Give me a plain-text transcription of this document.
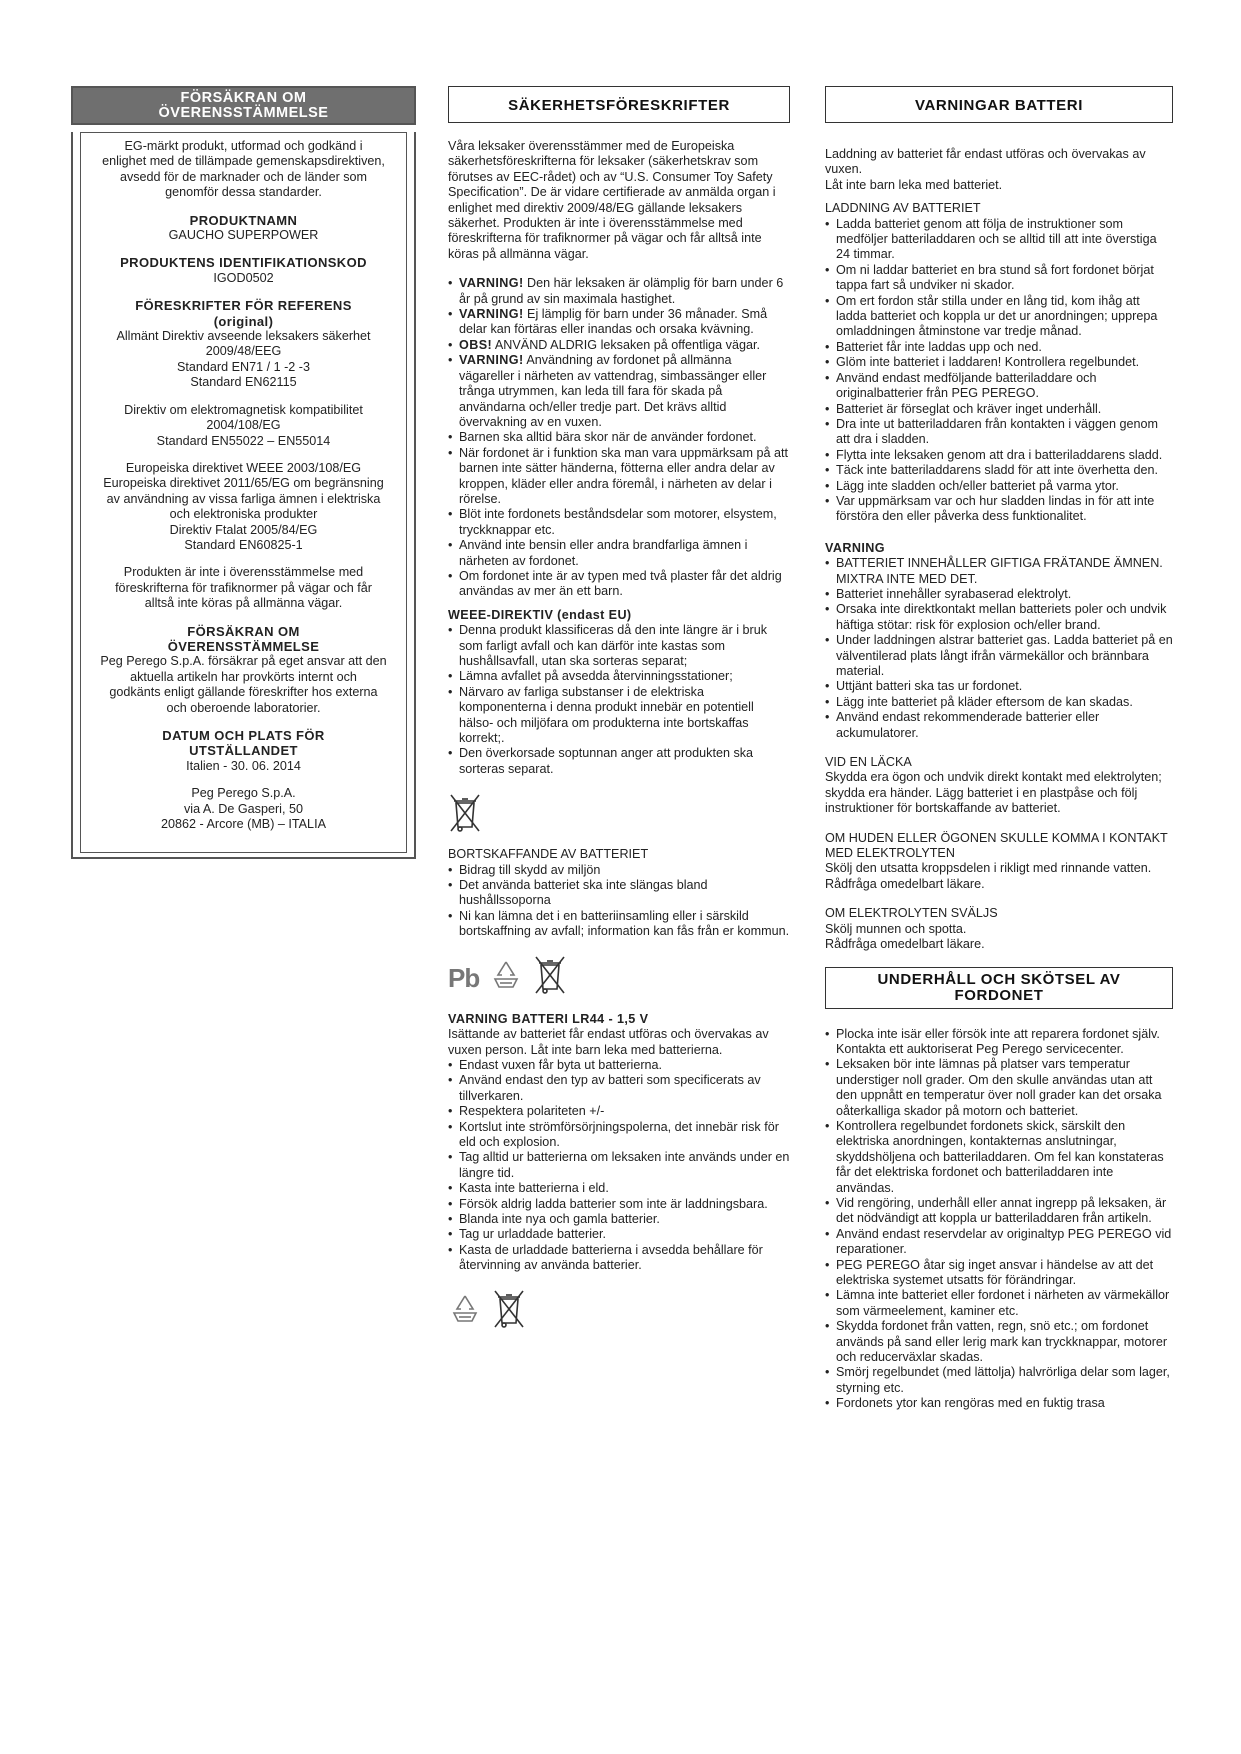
FÖRSÄKRAN OM
ÖVERENSSTÄMMELSE

EG-märkt produkt, utformad och godkänd i
enlighet med de tillämpade gemenskapsdirektiven,
avsedd för de marknader och de länder som
genomför dessa standarder.

PRODUKTNAMN
GAUCHO SUPERPOWER

PRODUKTENS IDENTIFIKATIONSKOD
IGOD0502

FÖRESKRIFTER FÖR REFERENS
(original)
Allmänt Direktiv avseende leksakers säkerhet
2009/48/EEG
Standard EN71 / 1 -2 -3
Standard EN62115

Direktiv om elektromagnetisk kompatibilitet
2004/108/EG
Standard EN55022 – EN55014

Europeiska direktivet WEEE 2003/108/EG
Europeiska direktivet 2011/65/EG om begränsning
av användning av vissa farliga ämnen i elektriska
och elektroniska produkter
Direktiv Ftalat 2005/84/EG
Standard EN60825-1

Produkten är inte i överensstämmelse med
föreskrifterna för trafiknormer på vägar och får
alltså inte köras på allmänna vägar.

FÖRSÄKRAN OM
ÖVERENSSTÄMMELSE
Peg Perego S.p.A. försäkrar på eget ansvar att den
aktuella artikeln har provkörts internt och
godkänts enligt gällande föreskrifter hos externa
och oberoende laboratorier.

DATUM OCH PLATS FÖR
UTSTÄLLANDET
Italien - 30. 06. 2014

Peg Perego S.p.A.
via A. De Gasperi, 50
20862 - Arcore (MB) – ITALIA

SÄKERHETSFÖRESKRIFTER

Våra leksaker överensstämmer med de Europeiska säkerhetsföreskrifterna för leksaker (säkerhetskrav som förutses av EEC-rådet) och av “U.S. Consumer Toy Safety Specification”. De är vidare certifierade av anmälda organ i enlighet med direktiv 2009/48/EG gällande leksakers säkerhet. Produkten är inte i överensstämmelse med föreskrifterna för trafiknormer på vägar och får alltså inte köras på allmänna vägar.

• VARNING! Den här leksaken är olämplig för barn under 6 år på grund av sin maximala hastighet.
• VARNING! Ej lämplig för barn under 36 månader. Små delar kan förtäras eller inandas och orsaka kvävning.
• OBS! ANVÄND ALDRIG leksaken på offentliga vägar.
• VARNING! Användning av fordonet på allmänna vägareller i närheten av vattendrag, simbassänger eller trånga utrymmen, kan leda till fara för skada på användarna och/eller tredje part. Det krävs alltid övervakning av en vuxen.
• Barnen ska alltid bära skor när de använder fordonet.
• När fordonet är i funktion ska man vara uppmärksam på att barnen inte sätter händerna, fötterna eller andra delar av kroppen, kläder eller andra föremål, i närheten av delar i rörelse.
• Blöt inte fordonets beståndsdelar som motorer, elsystem, tryckknappar etc.
• Använd inte bensin eller andra brandfarliga ämnen i närheten av fordonet.
• Om fordonet inte är av typen med två plaster får det aldrig användas av mer än ett barn.
WEEE-DIREKTIV (endast EU)
• Denna produkt klassificeras då den inte längre är i bruk som farligt avfall och kan därför inte kastas som hushållsavfall, utan ska sorteras separat;
• Lämna avfallet på avsedda återvinningsstationer;
• Närvaro av farliga substanser i de elektriska komponenterna i denna produkt innebär en potentiell hälso- och miljöfara om produkterna inte bortskaffas korrekt;.
• Den överkorsade soptunnan anger att produkten ska sorteras separat.
BORTSKAFFANDE AV BATTERIET
• Bidrag till skydd av miljön
• Det använda batteriet ska inte slängas bland hushållssoporna
• Ni kan lämna det i en batteriinsamling eller i särskild bortskaffning av avfall; information kan fås från er kommun.
Pb
VARNING BATTERI LR44 - 1,5 V

Isättande av batteriet får endast utföras och övervakas av vuxen person. Låt inte barn leka med batterierna.

• Endast vuxen får byta ut batterierna.
• Använd endast den typ av batteri som specificerats av tillverkaren.
• Respektera polariteten +/-
• Kortslut inte strömförsörjningspolerna, det innebär risk för eld och explosion.
• Tag alltid ur batterierna om leksaken inte används under en längre tid.
• Kasta inte batterierna i eld.
• Försök aldrig ladda batterier som inte är laddningsbara.
• Blanda inte nya och gamla batterier.
• Tag ur urladdade batterier.
• Kasta de urladdade batterierna i avsedda behållare för återvinning av använda batterier.
VARNINGAR BATTERI

Laddning av batteriet får endast utföras och övervakas av vuxen.
Låt inte barn leka med batteriet.

LADDNING AV BATTERIET
• Ladda batteriet genom att följa de instruktioner som medföljer batteriladdaren och se alltid till att inte överstiga 24 timmar.
• Om ni laddar batteriet en bra stund så fort fordonet börjat tappa fart så undviker ni skador.
• Om ert fordon står stilla under en lång tid, kom ihåg att ladda batteriet och koppla ur det ur anordningen; upprepa omladdningen åtminstone var tredje månad.
• Batteriet får inte laddas upp och ned.
• Glöm inte batteriet i laddaren! Kontrollera regelbundet.
• Använd endast medföljande batteriladdare och originalbatterier från PEG PEREGO.
• Batteriet är förseglat och kräver inget underhåll.
• Dra inte ut batteriladdaren från kontakten i väggen genom att dra i sladden.
• Flytta inte leksaken genom att dra i batteriladdarens sladd.
• Täck inte batteriladdarens sladd för att inte överhetta den.
• Lägg inte sladden och/eller batteriet på varma ytor.
• Var uppmärksam var och hur sladden lindas in för att inte förstöra den eller påverka dess funktionalitet.
VARNING
• BATTERIET INNEHÅLLER GIFTIGA FRÄTANDE ÄMNEN.
MIXTRA INTE MED DET.
• Batteriet innehåller syrabaserad elektrolyt.
• Orsaka inte direktkontakt mellan batteriets poler och undvik häftiga stötar: risk för explosion och/eller brand.
• Under laddningen alstrar batteriet gas. Ladda batteriet på en välventilerad plats långt ifrån värmekällor och brännbara material.
• Uttjänt batteri ska tas ur fordonet.
• Lägg inte batteriet på kläder eftersom de kan skadas.
• Använd endast rekommenderade batterier eller ackumulatorer.
VID EN LÄCKA

Skydda era ögon och undvik direkt kontakt med elektrolyten; skydda era händer. Lägg batteriet i en plastpåse och följ instruktioner för bortskaffande av batteriet.

OM HUDEN ELLER ÖGONEN SKULLE KOMMA I KONTAKT MED ELEKTROLYTEN

Skölj den utsatta kroppsdelen i rikligt med rinnande vatten.
Rådfråga omedelbart läkare.

OM ELEKTROLYTEN SVÄLJS

Skölj munnen och spotta.
Rådfråga omedelbart läkare.

UNDERHÅLL OCH SKÖTSEL AV
FORDONET
• Plocka inte isär eller försök inte att reparera fordonet själv. Kontakta ett auktoriserat Peg Perego servicecenter.
• Leksaken bör inte lämnas på platser vars temperatur understiger noll grader. Om den skulle användas utan att den uppnått en temperatur över noll grader kan det orsaka oåterkalliga skador på motorn och batteriet.
• Kontrollera regelbundet fordonets skick, särskilt den elektriska anordningen, kontakternas anslutningar, skyddshöljena och batteriladdaren. Om fel kan konstateras får det elektriska fordonet och batteriladdaren inte användas.
• Vid rengöring, underhåll eller annat ingrepp på leksaken, är det nödvändigt att koppla ur batteriladdaren från artikeln.
• Använd endast reservdelar av originaltyp PEG PEREGO vid reparationer.
• PEG PEREGO åtar sig inget ansvar i händelse av att det elektriska systemet utsatts för förändringar.
• Lämna inte batteriet eller fordonet i närheten av värmekällor som värmeelement, kaminer etc.
• Skydda fordonet från vatten, regn, snö etc.; om fordonet används på sand eller lerig mark kan tryckknappar, motorer och reducerväxlar skadas.
• Smörj regelbundet (med lättolja) halvrörliga delar som lager, styrning etc.
• Fordonets ytor kan rengöras med en fuktig trasa
